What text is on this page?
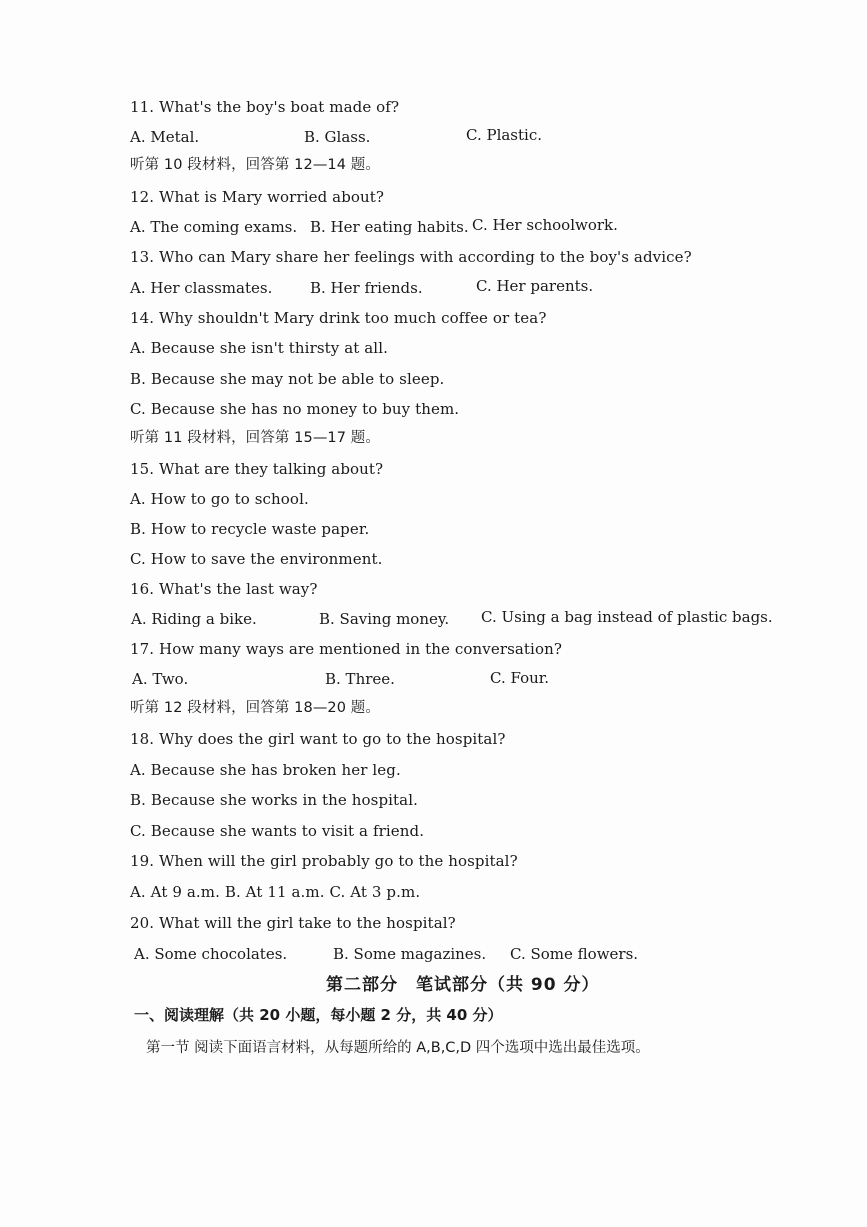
11. What's the boy's boat made of?
A. Metal.	B. Glass.	C. Plastic.
听第 10 段材料，回答第 12—14 题。
12. What is Mary worried about?
A. The coming exams. B. Her eating habits. C. Her schoolwork.
13. Who can Mary share her feelings with according to the boy's advice?
A. Her classmates.	B. Her friends.	C. Her parents.
14. Why shouldn't Mary drink too much coffee or tea?
A. Because she isn't thirsty at all.
B. Because she may not be able to sleep.
C. Because she has no money to buy them.
听第 11 段材料，回答第 15—17 题。
15. What are they talking about?
A. How to go to school.
B. How to recycle waste paper.
C. How to save the environment.
16. What's the last way?
A. Riding a bike.	B. Saving money. C. Using a bag instead of plastic bags.
17. How many ways are mentioned in the conversation?
A. Two.	B. Three.	C. Four.
听第 12 段材料，回答第 18—20 题。
18. Why does the girl want to go to the hospital?
A. Because she has broken her leg.
B. Because she works in the hospital.
C. Because she wants to visit a friend.
19. When will the girl probably go to the hospital?
A. At 9 a.m. B. At 11 a.m. C. At 3 p.m.
20. What will the girl take to the hospital?
A. Some chocolates.	B. Some magazines. C. Some flowers.
第二部分　笔试部分（共 90 分）
一、阅读理解（共 20 小题，每小题 2 分，共 40 分）
第一节 阅读下面语言材料，从每题所给的 A,B,C,D 四个选项中选出最佳选项。
